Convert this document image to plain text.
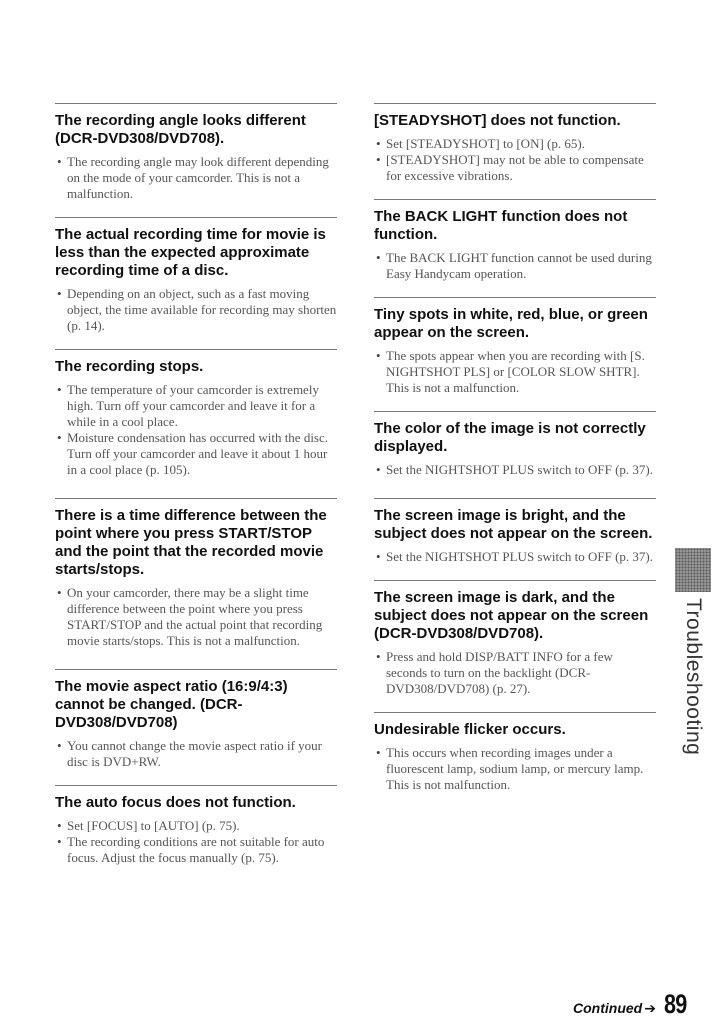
The recording angle looks different (DCR-DVD308/DVD708).
• The recording angle may look different depending on the mode of your camcorder. This is not a malfunction.
The actual recording time for movie is less than the expected approximate recording time of a disc.
• Depending on an object, such as a fast moving object, the time available for recording may shorten (p. 14).
The recording stops.
• The temperature of your camcorder is extremely high. Turn off your camcorder and leave it for a while in a cool place.
• Moisture condensation has occurred with the disc. Turn off your camcorder and leave it about 1 hour in a cool place (p. 105).
There is a time difference between the point where you press START/STOP and the point that the recorded movie starts/stops.
• On your camcorder, there may be a slight time difference between the point where you press START/STOP and the actual point that recording movie starts/stops. This is not a malfunction.
The movie aspect ratio (16:9/4:3) cannot be changed. (DCR-DVD308/DVD708)
• You cannot change the movie aspect ratio if your disc is DVD+RW.
The auto focus does not function.
• Set [FOCUS] to [AUTO] (p. 75).
• The recording conditions are not suitable for auto focus. Adjust the focus manually (p. 75).
[STEADYSHOT] does not function.
• Set [STEADYSHOT] to [ON] (p. 65).
• [STEADYSHOT] may not be able to compensate for excessive vibrations.
The BACK LIGHT function does not function.
• The BACK LIGHT function cannot be used during Easy Handycam operation.
Tiny spots in white, red, blue, or green appear on the screen.
• The spots appear when you are recording with [S. NIGHTSHOT PLS] or [COLOR SLOW SHTR]. This is not a malfunction.
The color of the image is not correctly displayed.
• Set the NIGHTSHOT PLUS switch to OFF (p. 37).
The screen image is bright, and the subject does not appear on the screen.
• Set the NIGHTSHOT PLUS switch to OFF (p. 37).
The screen image is dark, and the subject does not appear on the screen (DCR-DVD308/DVD708).
• Press and hold DISP/BATT INFO for a few seconds to turn on the backlight (DCR-DVD308/DVD708) (p. 27).
Undesirable flicker occurs.
• This occurs when recording images under a fluorescent lamp, sodium lamp, or mercury lamp. This is not malfunction.
Troubleshooting
Continued ➔ 89
